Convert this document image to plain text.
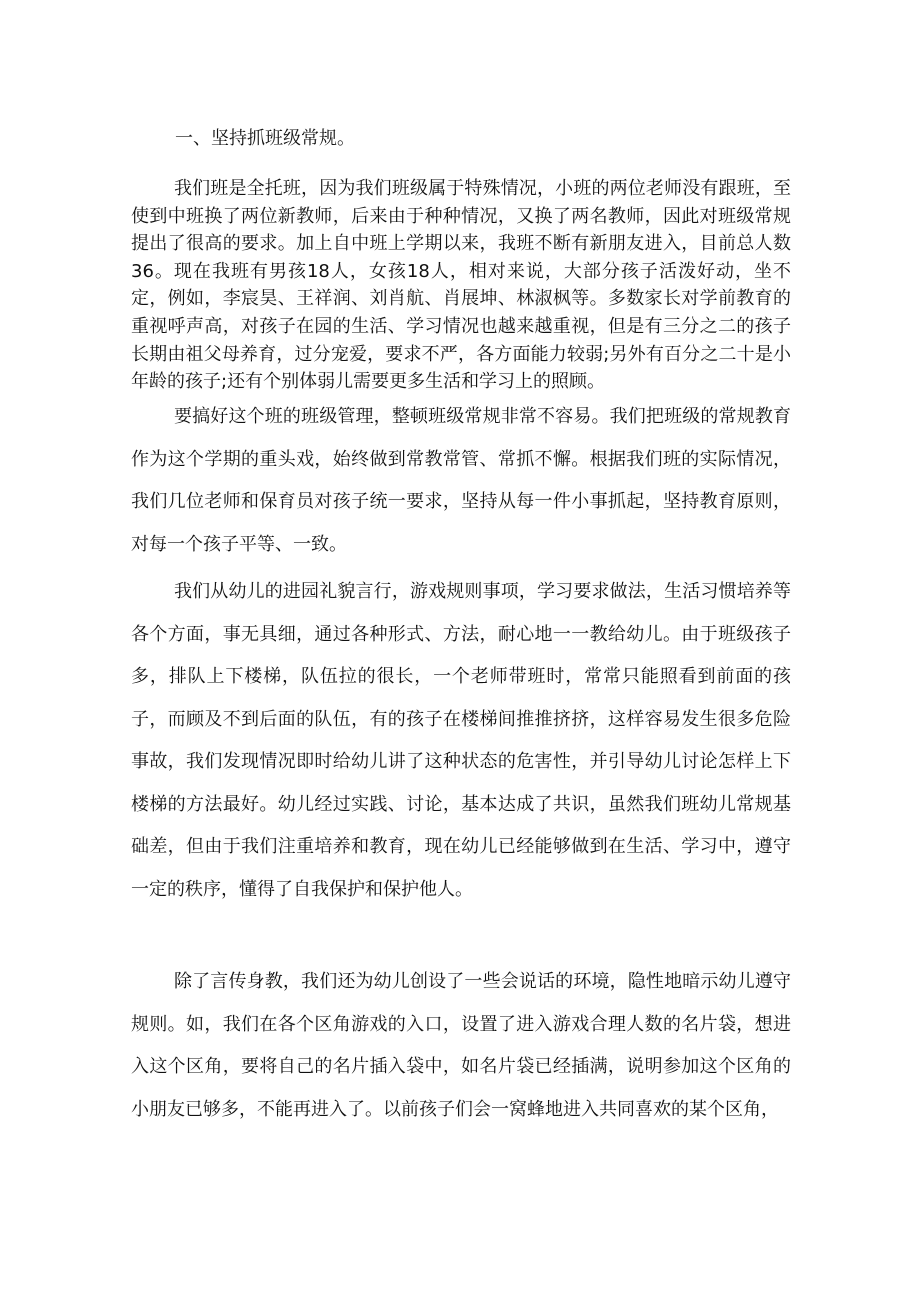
一、坚持抓班级常规。

我们班是全托班，因为我们班级属于特殊情况，小班的两位老师没有跟班，至使到中班换了两位新教师，后来由于种种情况，又换了两名教师，因此对班级常规提出了很高的要求。加上自中班上学期以来，我班不断有新朋友进入，目前总人数36。现在我班有男孩18人，女孩18人，相对来说，大部分孩子活泼好动，坐不定，例如，李宸昊、王祥润、刘肖航、肖展坤、林淑枫等。多数家长对学前教育的重视呼声高，对孩子在园的生活、学习情况也越来越重视，但是有三分之二的孩子长期由祖父母养育，过分宠爱，要求不严，各方面能力较弱;另外有百分之二十是小年龄的孩子;还有个别体弱儿需要更多生活和学习上的照顾。

要搞好这个班的班级管理，整顿班级常规非常不容易。我们把班级的常规教育作为这个学期的重头戏，始终做到常教常管、常抓不懈。根据我们班的实际情况，我们几位老师和保育员对孩子统一要求，坚持从每一件小事抓起，坚持教育原则，对每一个孩子平等、一致。

我们从幼儿的进园礼貌言行，游戏规则事项，学习要求做法，生活习惯培养等各个方面，事无具细，通过各种形式、方法，耐心地一一教给幼儿。由于班级孩子多，排队上下楼梯，队伍拉的很长，一个老师带班时，常常只能照看到前面的孩子，而顾及不到后面的队伍，有的孩子在楼梯间推推挤挤，这样容易发生很多危险事故，我们发现情况即时给幼儿讲了这种状态的危害性，并引导幼儿讨论怎样上下楼梯的方法最好。幼儿经过实践、讨论，基本达成了共识，虽然我们班幼儿常规基础差，但由于我们注重培养和教育，现在幼儿已经能够做到在生活、学习中，遵守一定的秩序，懂得了自我保护和保护他人。

除了言传身教，我们还为幼儿创设了一些会说话的环境，隐性地暗示幼儿遵守规则。如，我们在各个区角游戏的入口，设置了进入游戏合理人数的名片袋，想进入这个区角，要将自己的名片插入袋中，如名片袋已经插满，说明参加这个区角的小朋友已够多，不能再进入了。以前孩子们会一窝蜂地进入共同喜欢的某个区角，
